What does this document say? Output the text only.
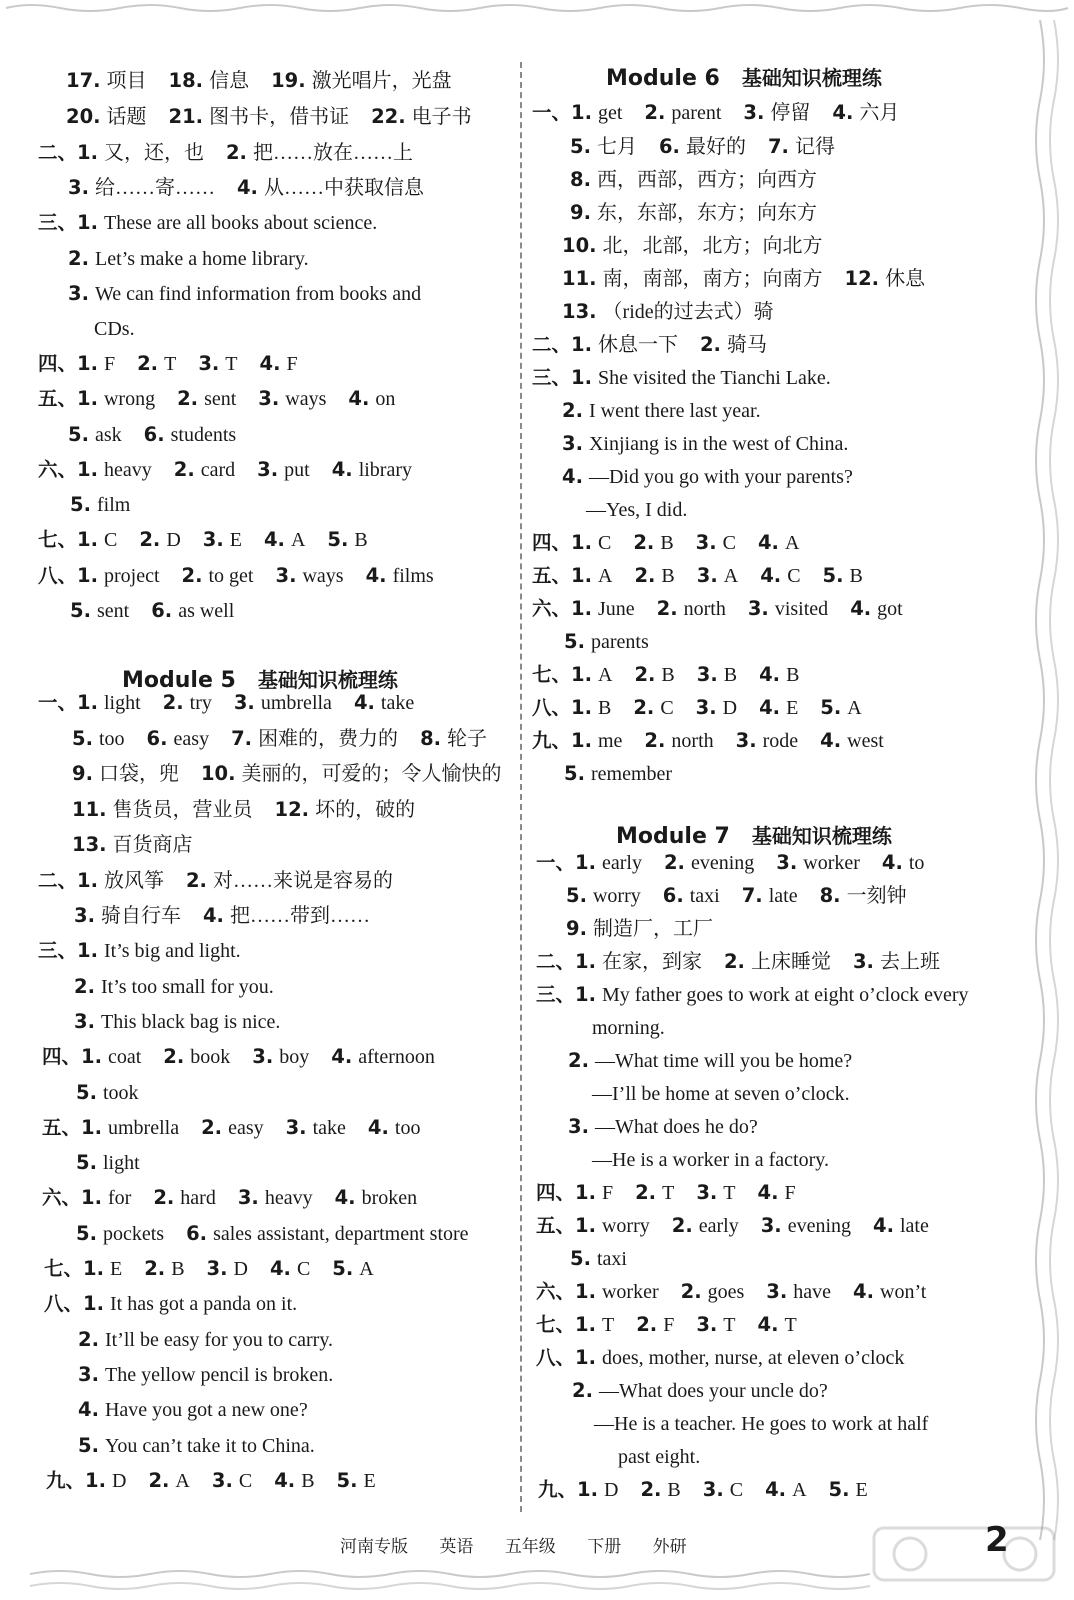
Module 5 基础知识梳理练
17. 项目 18. 信息 19. 激光唱片，光盘
20. 话题 21. 图书卡，借书证 22. 电子书
二、1. 又，还，也 2. 把……放在……上
3. 给……寄…… 4. 从……中获取信息
三、1. These are all books about science.
2. Let’s make a home library.
3. We can find information from books and
CDs.
四、1. F 2. T 3. T 4. F
五、1. wrong 2. sent 3. ways 4. on
5. ask 6. students
六、1. heavy 2. card 3. put 4. library
5. film
七、1. C 2. D 3. E 4. A 5. B
八、1. project 2. to get 3. ways 4. films
5. sent 6. as well
一、1. light 2. try 3. umbrella 4. take
5. too 6. easy 7. 困难的，费力的 8. 轮子
9. 口袋，兜 10. 美丽的，可爱的；令人愉快的
11. 售货员，营业员 12. 坏的，破的
13. 百货商店
二、1. 放风筝 2. 对……来说是容易的
3. 骑自行车 4. 把……带到……
三、1. It’s big and light.
2. It’s too small for you.
3. This black bag is nice.
四、1. coat 2. book 3. boy 4. afternoon
5. took
五、1. umbrella 2. easy 3. take 4. too
5. light
六、1. for 2. hard 3. heavy 4. broken
5. pockets 6. sales assistant, department store
七、1. E 2. B 3. D 4. C 5. A
八、1. It has got a panda on it.
2. It’ll be easy for you to carry.
3. The yellow pencil is broken.
4. Have you got a new one?
5. You can’t take it to China.
九、1. D 2. A 3. C 4. B 5. E
Module 6 基础知识梳理练
Module 7 基础知识梳理练
一、1. get 2. parent 3. 停留 4. 六月
5. 七月 6. 最好的 7. 记得
8. 西，西部，西方；向西方
9. 东，东部，东方；向东方
10. 北，北部，北方；向北方
11. 南，南部，南方；向南方 12. 休息
13. （ride的过去式）骑
二、1. 休息一下 2. 骑马
三、1. She visited the Tianchi Lake.
2. I went there last year.
3. Xinjiang is in the west of China.
4. —Did you go with your parents?
—Yes, I did.
四、1. C 2. B 3. C 4. A
五、1. A 2. B 3. A 4. C 5. B
六、1. June 2. north 3. visited 4. got
5. parents
七、1. A 2. B 3. B 4. B
八、1. B 2. C 3. D 4. E 5. A
九、1. me 2. north 3. rode 4. west
5. remember
一、1. early 2. evening 3. worker 4. to
5. worry 6. taxi 7. late 8. 一刻钟
9. 制造厂，工厂
二、1. 在家，到家 2. 上床睡觉 3. 去上班
三、1. My father goes to work at eight o’clock every
morning.
2. —What time will you be home?
—I’ll be home at seven o’clock.
3. —What does he do?
—He is a worker in a factory.
四、1. F 2. T 3. T 4. F
五、1. worry 2. early 3. evening 4. late
5. taxi
六、1. worker 2. goes 3. have 4. won’t
七、1. T 2. F 3. T 4. T
八、1. does, mother, nurse, at eleven o’clock
2. —What does your uncle do?
—He is a teacher. He goes to work at half
past eight.
九、1. D 2. B 3. C 4. A 5. E
河南专版 英语 五年级 下册 外研	2
